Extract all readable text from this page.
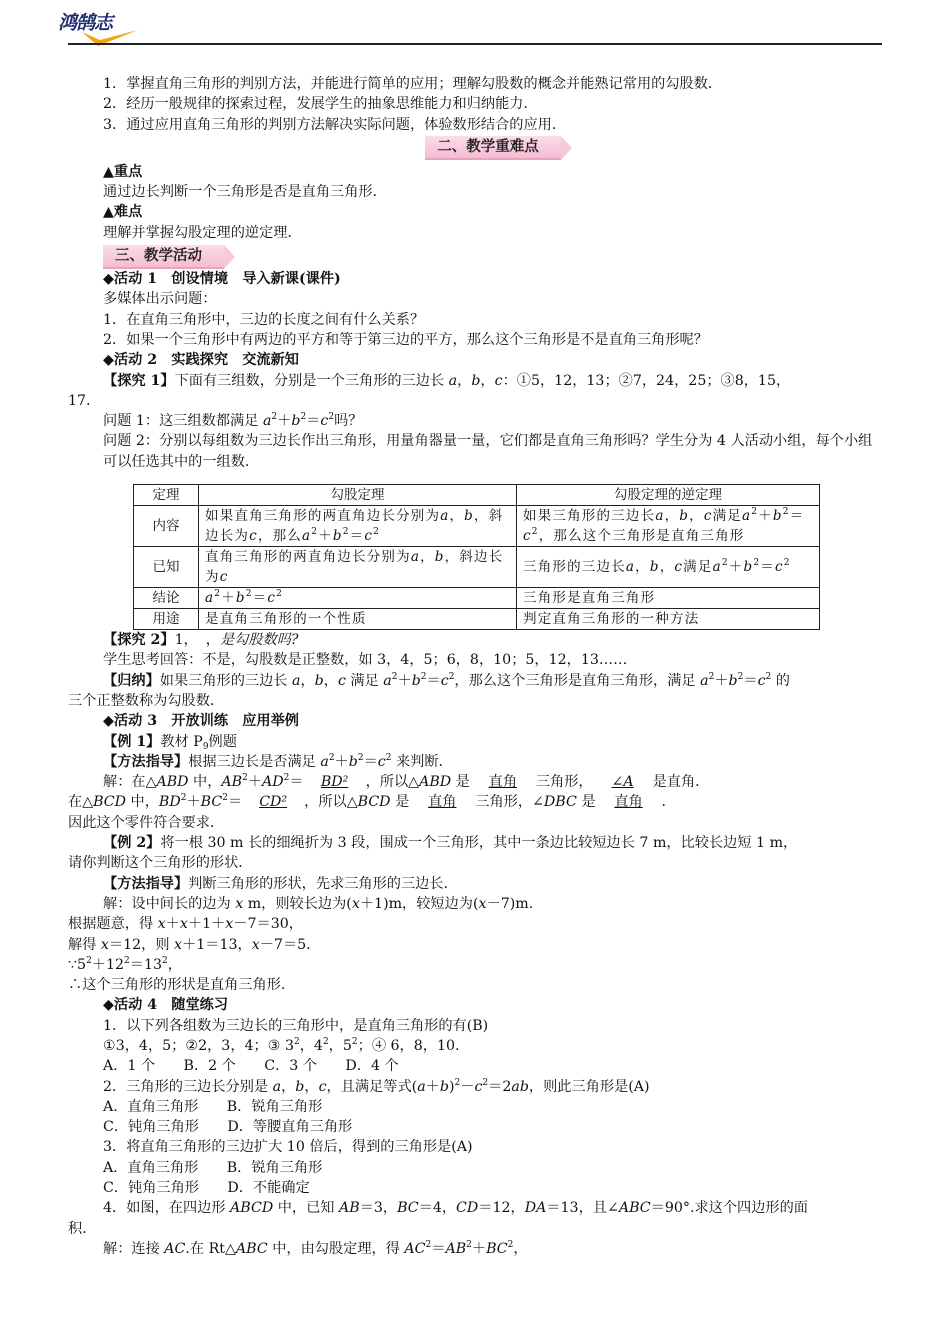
鸿鹄志
1．掌握直角三角形的判别方法，并能进行简单的应用；理解勾股数的概念并能熟记常用的勾股数．
2．经历一般规律的探索过程，发展学生的抽象思维能力和归纳能力．
3．通过应用直角三角形的判别方法解决实际问题，体验数形结合的应用．
二、教学重难点
▲重点
通过边长判断一个三角形是否是直角三角形．
▲难点
理解并掌握勾股定理的逆定理．
三、教学活动
◆活动 1　创设情境　导入新课(课件)
多媒体出示问题：
1．在直角三角形中，三边的长度之间有什么关系？
2．如果一个三角形中有两边的平方和等于第三边的平方，那么这个三角形是不是直角三角形呢？
◆活动 2　实践探究　交流新知
【探究 1】下面有三组数，分别是一个三角形的三边长 a，b，c：①5，12，13；②7，24，25；③8，15，
17.
问题 1：这三组数都满足 $a^2+b^2=c^2$吗？
问题 2：分别以每组数为三边长作出三角形，用量角器量一量，它们都是直角三角形吗？学生分为 4 人活动小组，每个小组可以任选其中的一组数．
定理	勾股定理	勾股定理的逆定理
内容	如果直角三角形的两直角边长分别为a，b，斜边长为c，那么$a^2+b^2=c^2$	如果三角形的三边长a，b，c满足$a^2+b^2=c^2$，那么这个三角形是直角三角形
已知	直角三角形的两直角边长分别为a，b，斜边长为c	三角形的三边长a，b，c满足$a^2+b^2=c^2$
结论	$a^2+b^2=c^2$	三角形是直角三角形
用途	是直角三角形的一个性质	判定直角三角形的一种方法
【探究 2】1， ，是勾股数吗?
学生思考回答：不是，勾股数是正整数，如 3，4，5；6，8，10；5，12，13……
【归纳】如果三角形的三边长 a，b，c 满足 $a^2+b^2=c^2$，那么这个三角形是直角三角形，满足 $a^2+b^2=c^2$ 的
三个正整数称为勾股数．
◆活动 3　开放训练　应用举例
【例 1】教材 $P_9$例题
【方法指导】根据三边长是否满足 $a^2+b^2=c^2$ 来判断．
解：在△ABD 中，$AB^2+AD^2= BD^2$ ，所以△ABD 是 直角 三角形， ∠A 是直角．
在△BCD 中，$BD^2+BC^2= CD^2$ ，所以△BCD 是 直角 三角形，∠DBC 是 直角 ．
因此这个零件符合要求．
【例 2】将一根 30 m 长的细绳折为 3 段，围成一个三角形，其中一条边比较短边长 7 m，比较长边短 1 m，
请你判断这个三角形的形状．
【方法指导】判断三角形的形状，先求三角形的三边长．
解：设中间长的边为 x m，则较长边为(x＋1)m，较短边为(x－7)m.
根据题意，得 x＋x＋1＋x－7＝30，
解得 x＝12，则 x＋1＝13，x－7＝5.
$\because 5^2+12^2=13^2$，
∴这个三角形的形状是直角三角形.
◆活动 4　随堂练习
1．以下列各组数为三边长的三角形中，是直角三角形的有(B)
①3，4，5；②2，3，4；③ $3^2$，$4^2$，$5^2$；④ 6，8，10.
A．1 个　　B．2 个　　C．3 个　　D．4 个
2．三角形的三边长分别是 a，b，c，且满足等式$(a+b)^2-c^2=2ab$，则此三角形是(A)
A．直角三角形　　B．锐角三角形
C．钝角三角形　　D．等腰直角三角形
3．将直角三角形的三边扩大 10 倍后，得到的三角形是(A)
A．直角三角形　　B．锐角三角形
C．钝角三角形　　D．不能确定
4．如图，在四边形 ABCD 中，已知 AB＝3，BC＝4，CD＝12，DA＝13，且∠ABC＝90°.求这个四边形的面
积．
解：连接 AC.在 Rt△ABC 中，由勾股定理，得 $AC^2=AB^2+BC^2$，
